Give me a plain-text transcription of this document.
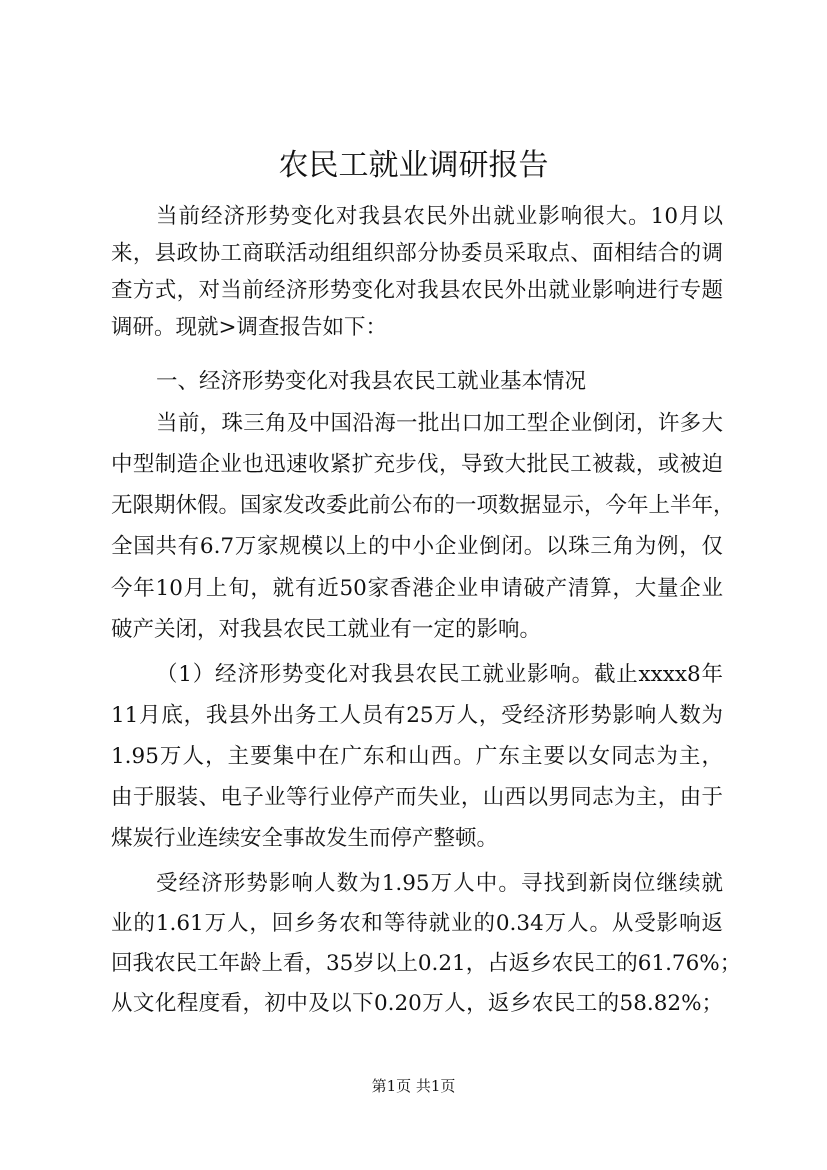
农民工就业调研报告
当前经济形势变化对我县农民外出就业影响很大。10月以
来，县政协工商联活动组组织部分协委员采取点、面相结合的调
查方式，对当前经济形势变化对我县农民外出就业影响进行专题
调研。现就>调查报告如下：
一、经济形势变化对我县农民工就业基本情况
当前，珠三角及中国沿海一批出口加工型企业倒闭，许多大
中型制造企业也迅速收紧扩充步伐，导致大批民工被裁，或被迫
无限期休假。国家发改委此前公布的一项数据显示，今年上半年，
全国共有6.7万家规模以上的中小企业倒闭。以珠三角为例，仅
今年10月上旬，就有近50家香港企业申请破产清算，大量企业
破产关闭，对我县农民工就业有一定的影响。
（1）经济形势变化对我县农民工就业影响。截止xxxx8年
11月底，我县外出务工人员有25万人，受经济形势影响人数为
1.95万人，主要集中在广东和山西。广东主要以女同志为主，
由于服装、电子业等行业停产而失业，山西以男同志为主，由于
煤炭行业连续安全事故发生而停产整顿。
受经济形势影响人数为1.95万人中。寻找到新岗位继续就
业的1.61万人，回乡务农和等待就业的0.34万人。从受影响返
回我农民工年龄上看，35岁以上0.21，占返乡农民工的61.76%；
从文化程度看，初中及以下0.20万人，返乡农民工的58.82%；
第1页 共1页
